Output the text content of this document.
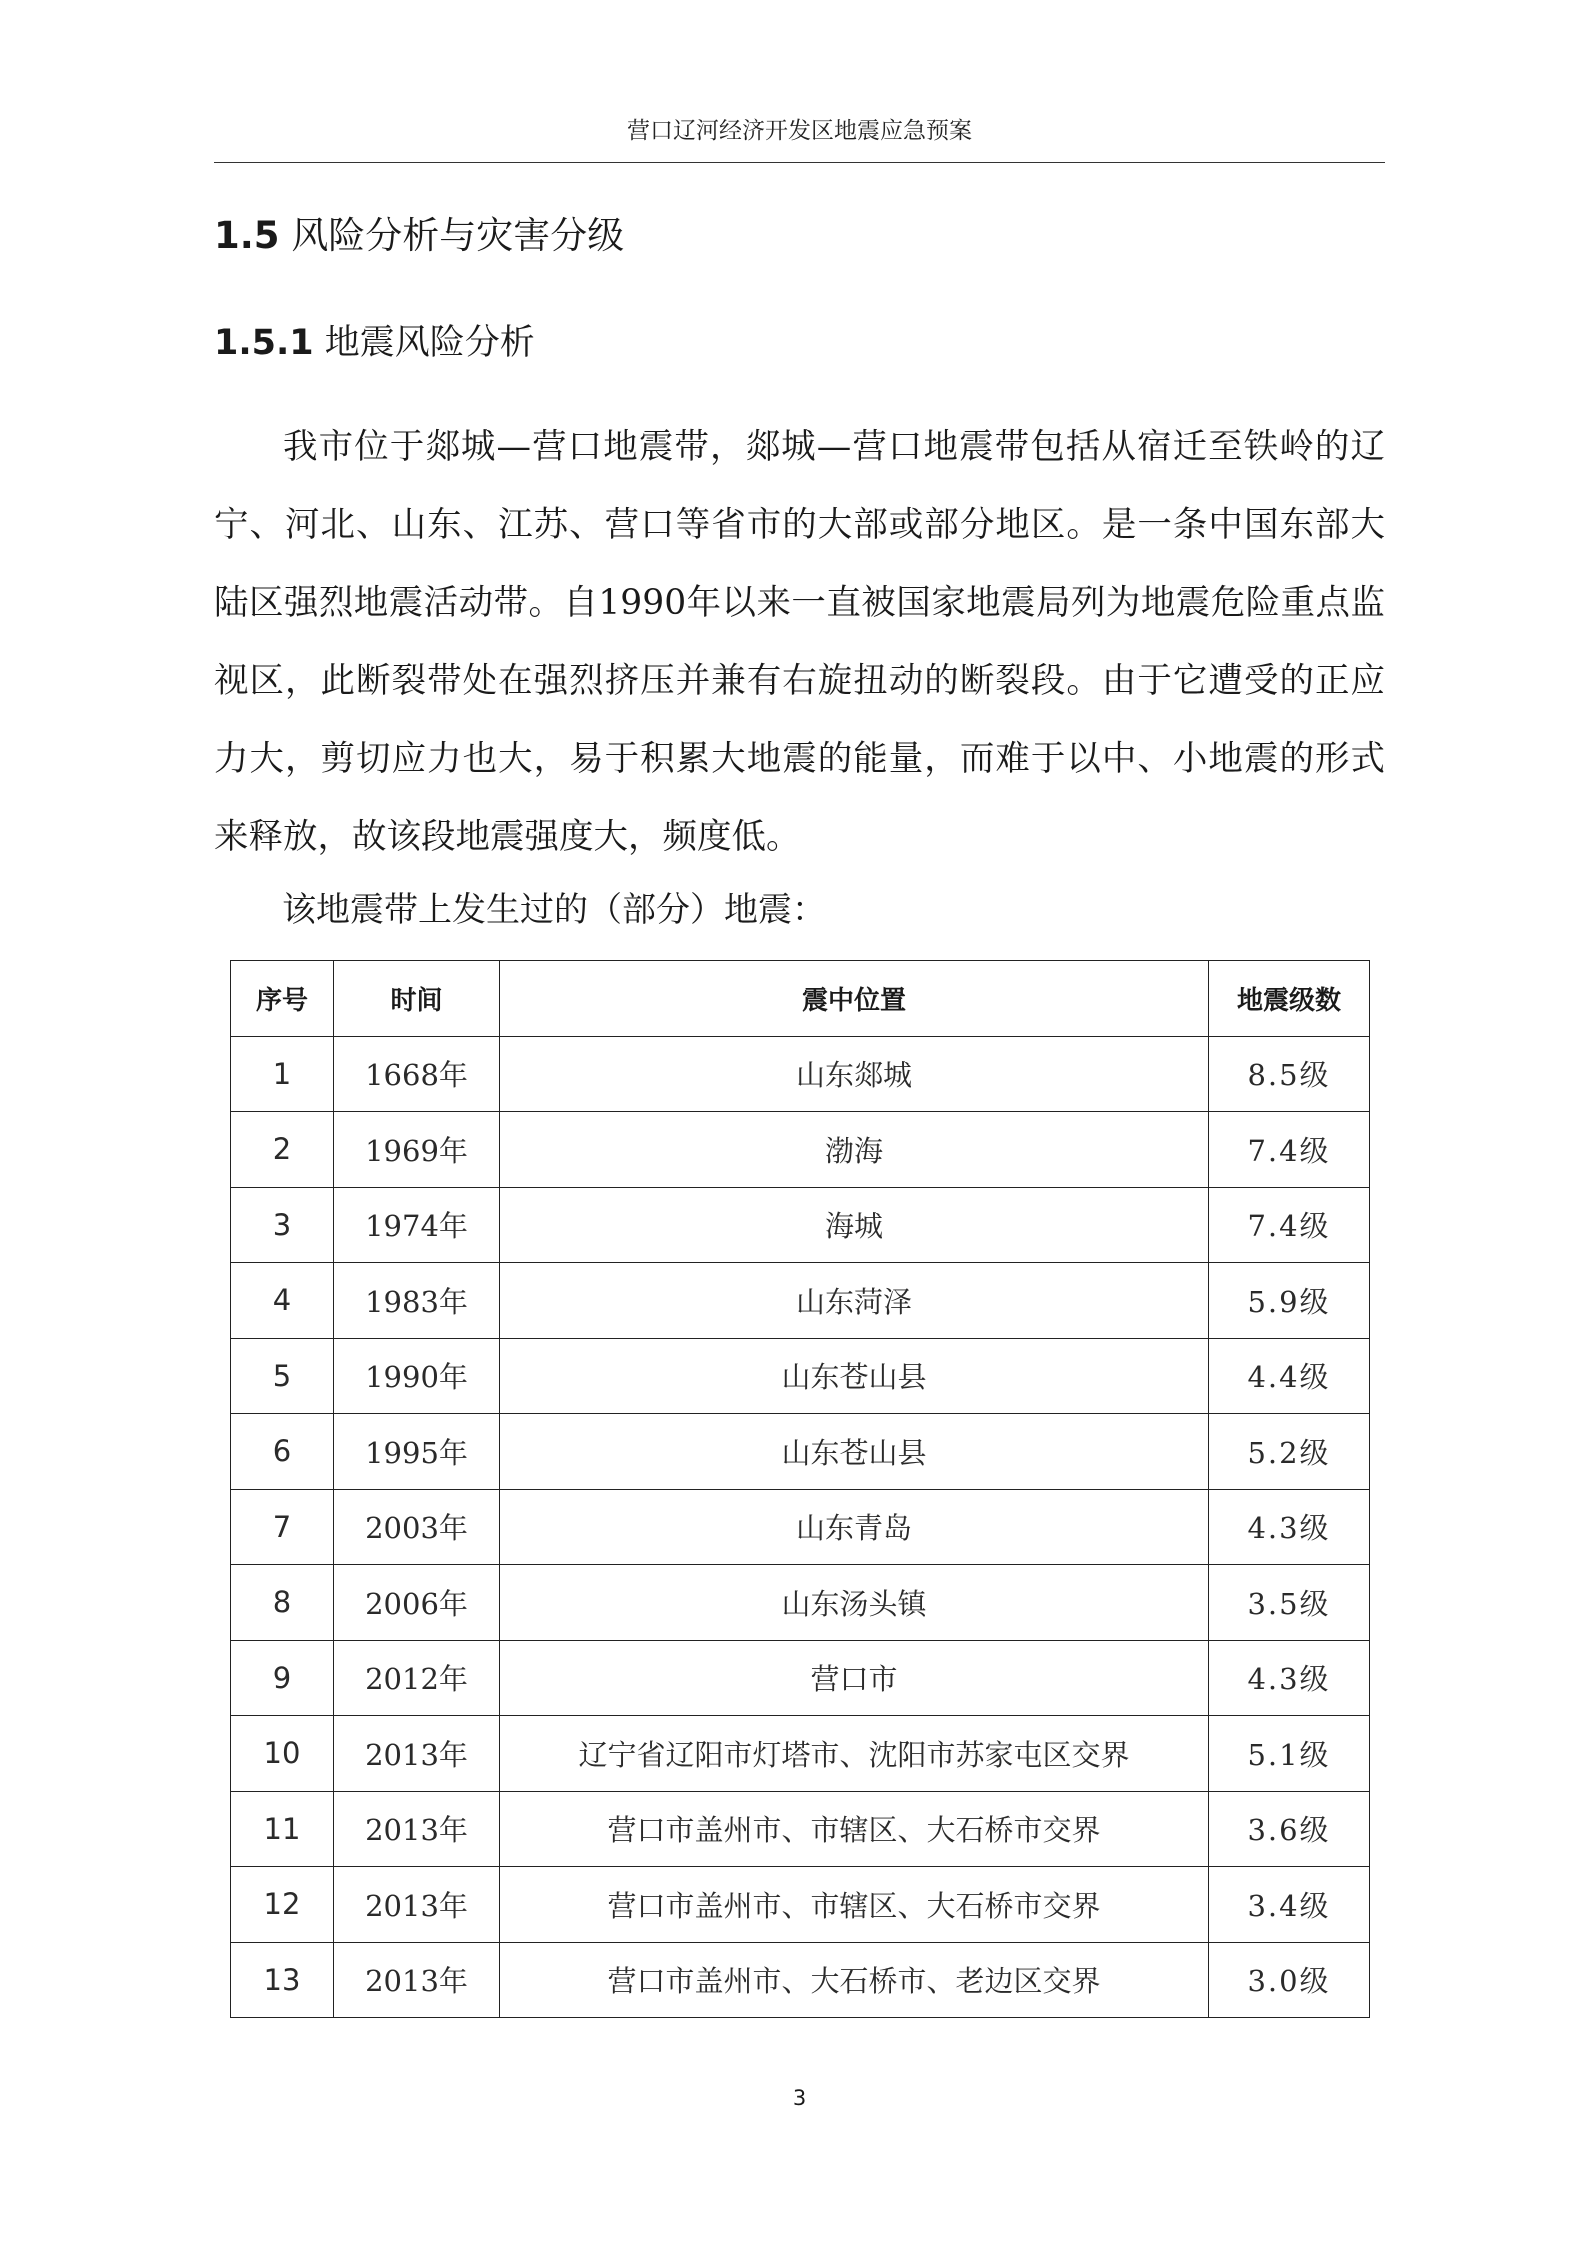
营口辽河经济开发区地震应急预案
1.5 风险分析与灾害分级
1.5.1 地震风险分析

我市位于郯城—营口地震带，郯城—营口地震带包括从宿迁至铁岭的辽宁、河北、山东、江苏、营口等省市的大部或部分地区。是一条中国东部大陆区强烈地震活动带。自1990年以来一直被国家地震局列为地震危险重点监视区，此断裂带处在强烈挤压并兼有右旋扭动的断裂段。由于它遭受的正应力大，剪切应力也大，易于积累大地震的能量，而难于以中、小地震的形式来释放，故该段地震强度大，频度低。

该地震带上发生过的（部分）地震：

序号	时间	震中位置	地震级数
1	1668年	山东郯城	8.5级
2	1969年	渤海	7.4级
3	1974年	海城	7.4级
4	1983年	山东菏泽	5.9级
5	1990年	山东苍山县	4.4级
6	1995年	山东苍山县	5.2级
7	2003年	山东青岛	4.3级
8	2006年	山东汤头镇	3.5级
9	2012年	营口市	4.3级
10	2013年	辽宁省辽阳市灯塔市、沈阳市苏家屯区交界	5.1级
11	2013年	营口市盖州市、市辖区、大石桥市交界	3.6级
12	2013年	营口市盖州市、市辖区、大石桥市交界	3.4级
13	2013年	营口市盖州市、大石桥市、老边区交界	3.0级
3
